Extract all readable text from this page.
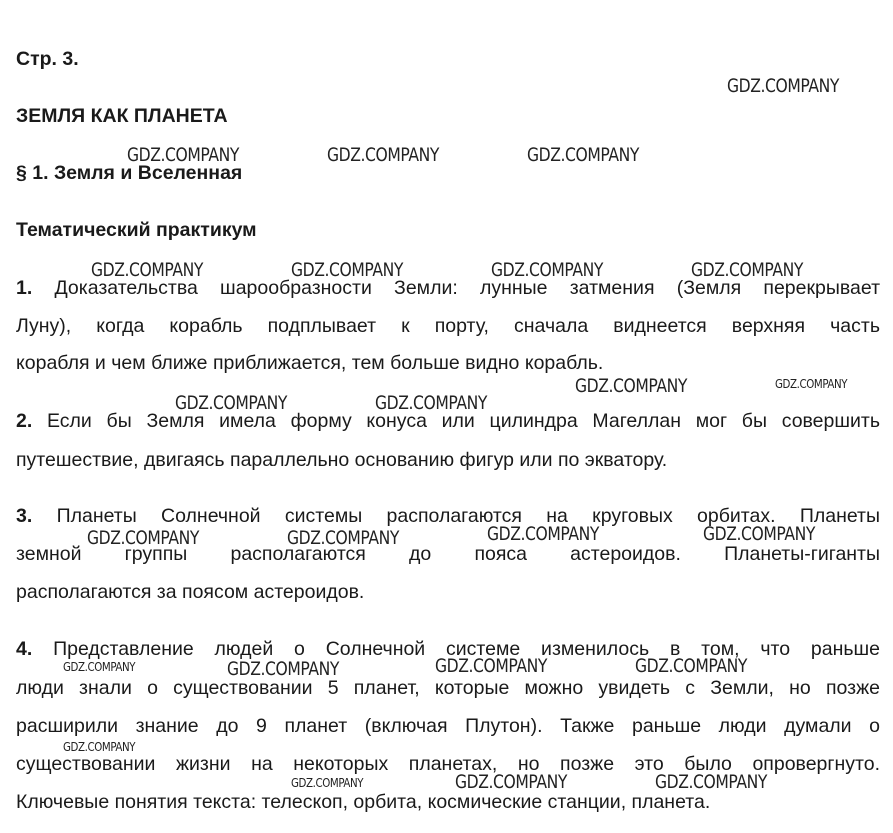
Стр. 3.
ЗЕМЛЯ КАК ПЛАНЕТА
§ 1. Земля и Вселенная
Тематический практикум
1. Доказательства шарообразности Земли: лунные затмения (Земля перекрывает
Луну), когда корабль подплывает к порту, сначала виднеется верхняя часть
корабля и чем ближе приближается, тем больше видно корабль.
2. Если бы Земля имела форму конуса или цилиндра Магеллан мог бы совершить
путешествие, двигаясь параллельно основанию фигур или по экватору.
3. Планеты Солнечной системы располагаются на круговых орбитах. Планеты
земной группы располагаются до пояса астероидов. Планеты-гиганты
располагаются за поясом астероидов.
4. Представление людей о Солнечной системе изменилось в том, что раньше
люди знали о существовании 5 планет, которые можно увидеть с Земли, но позже
расширили знание до 9 планет (включая Плутон). Также раньше люди думали о
существовании жизни на некоторых планетах, но позже это было опровергнуто.
Ключевые понятия текста: телескоп, орбита, космические станции, планета.
GDZ.COMPANY
GDZ.COMPANY	GDZ.COMPANY	GDZ.COMPANY
GDZ.COMPANY	GDZ.COMPANY	GDZ.COMPANY	GDZ.COMPANY
GDZ.COMPANY	GDZ.COMPANY
GDZ.COMPANY	GDZ.COMPANY
GDZ.COMPANY	GDZ.COMPANY	GDZ.COMPANY	GDZ.COMPANY
GDZ.COMPANY	GDZ.COMPANY	GDZ.COMPANY	GDZ.COMPANY
GDZ.COMPANY
GDZ.COMPANY	GDZ.COMPANY	GDZ.COMPANY
